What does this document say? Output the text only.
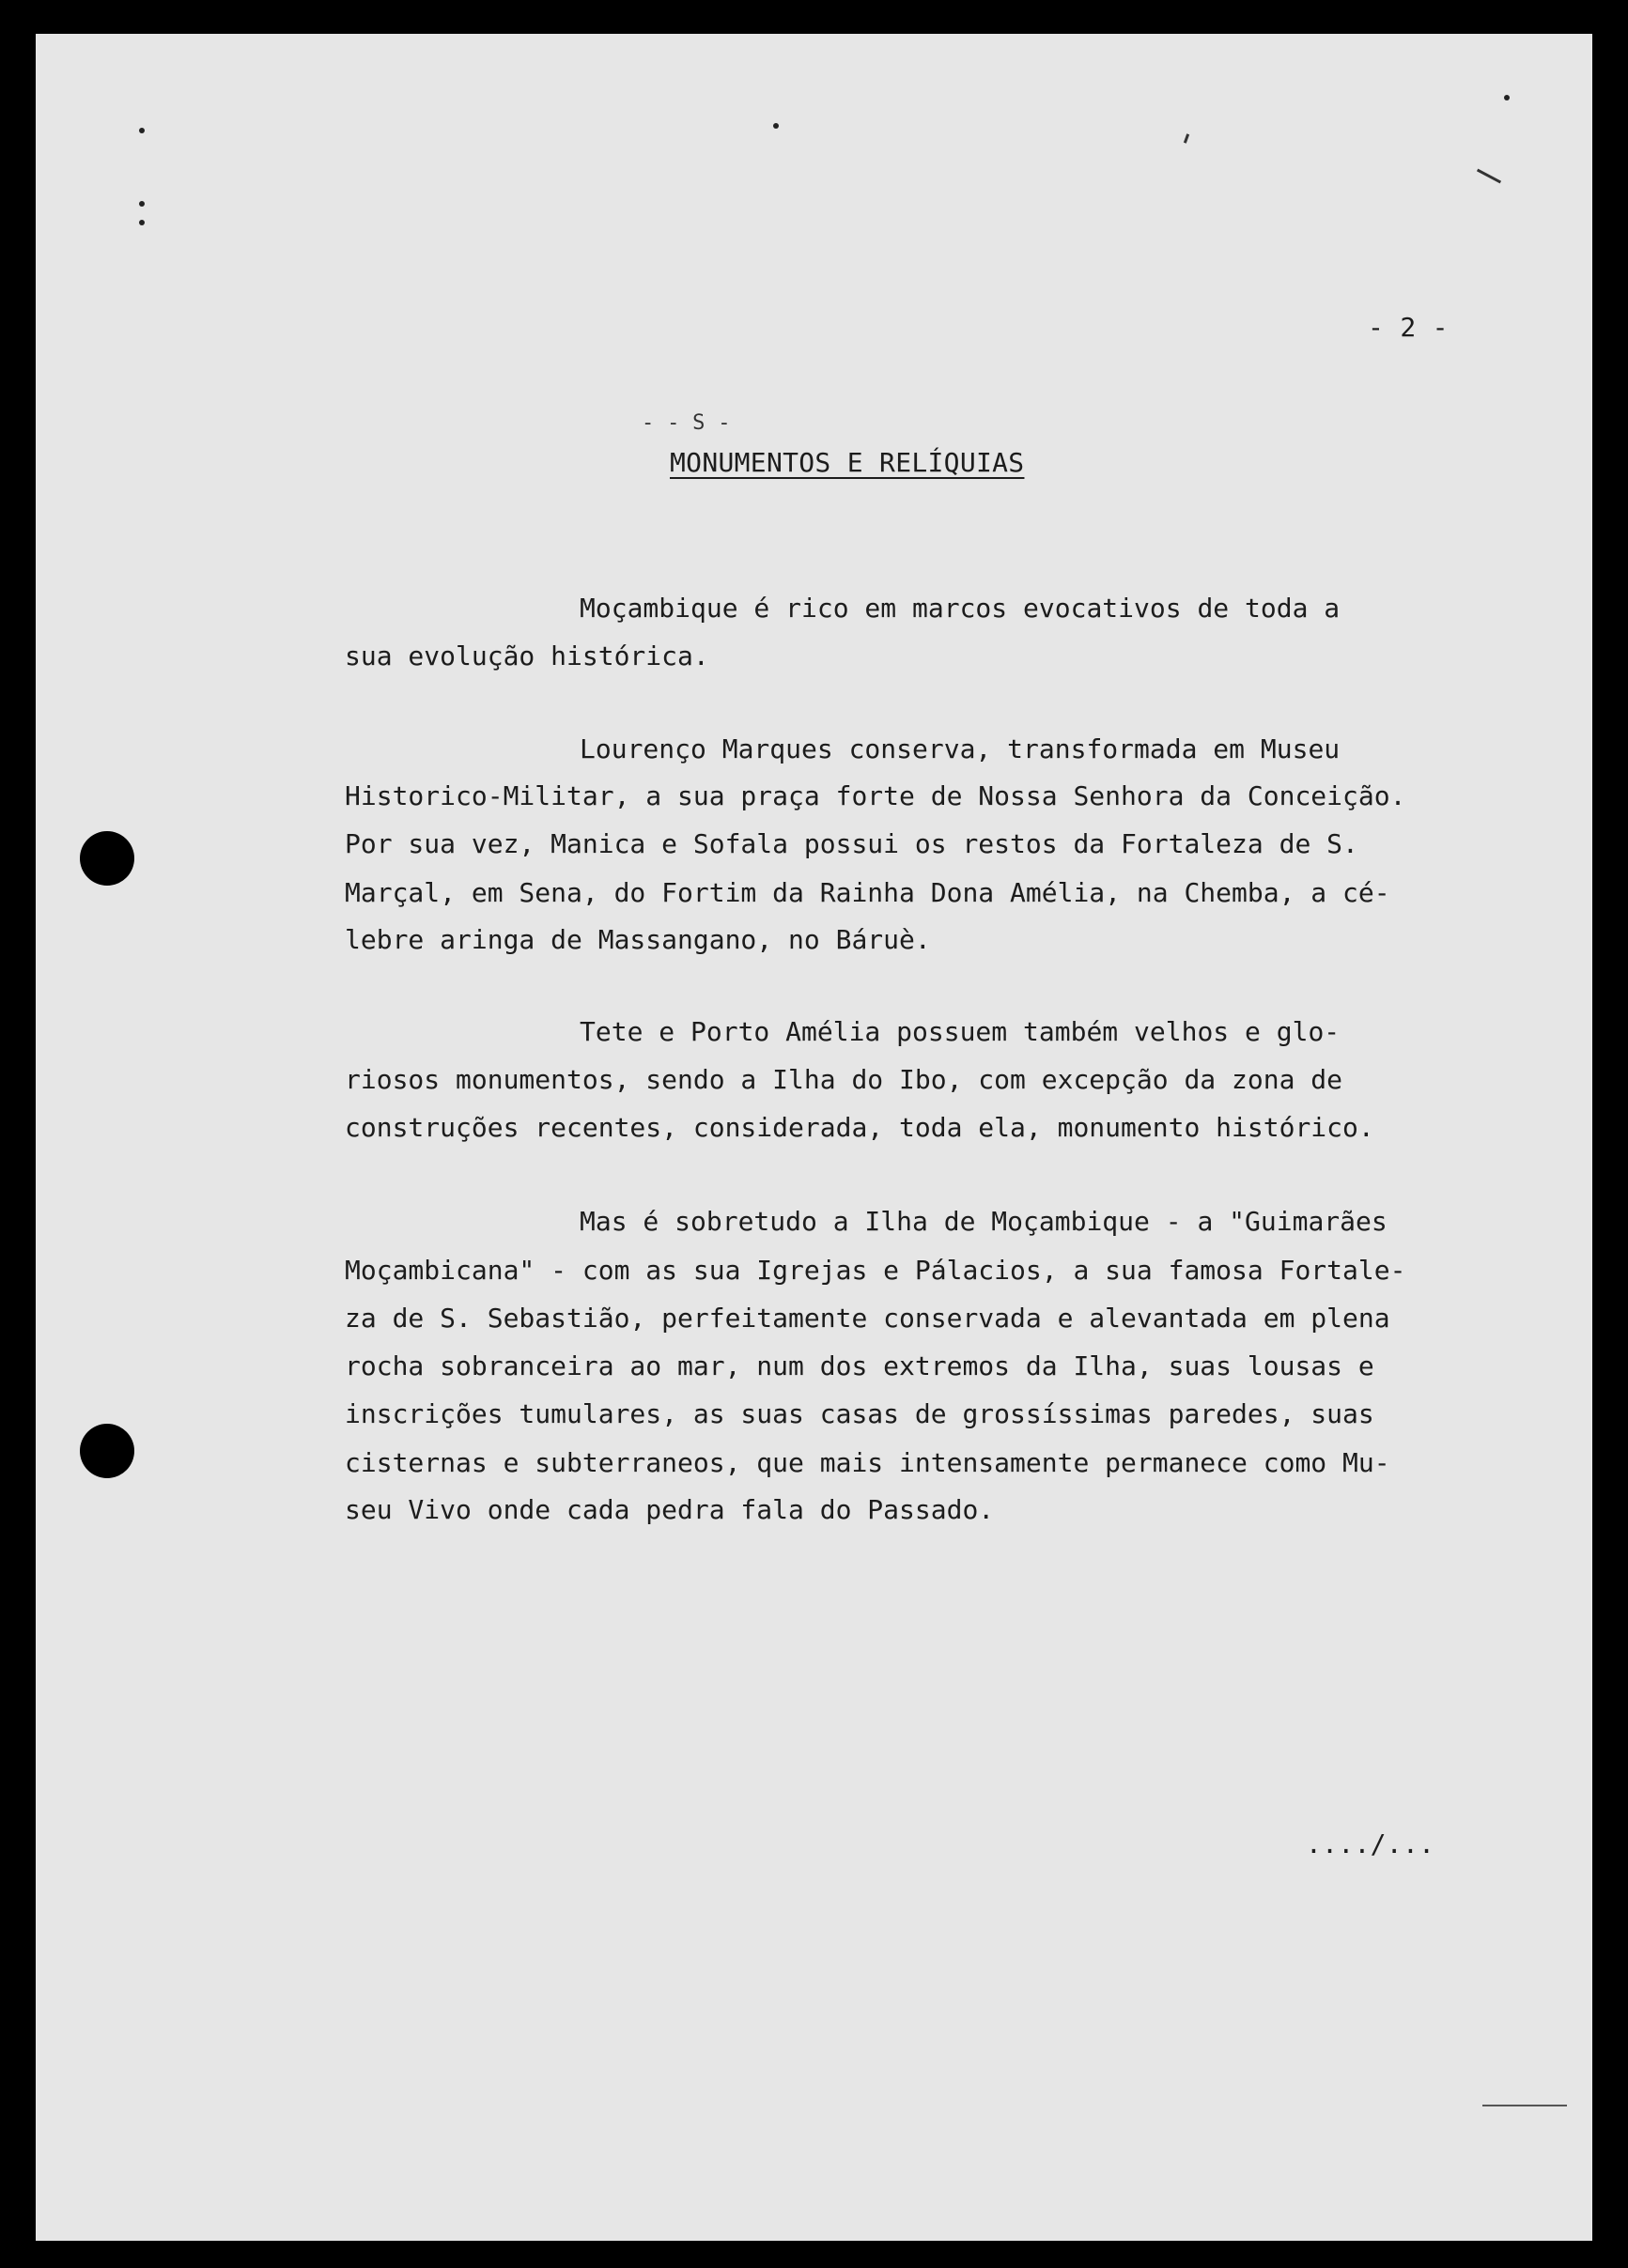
- 2 -
- - S -
MONUMENTOS E RELÍQUIAS
Moçambique é rico em marcos evocativos de toda a
sua evolução histórica.
Lourenço Marques conserva, transformada em Museu
Historico-Militar, a sua praça forte de Nossa Senhora da Conceição.
Por sua vez, Manica e Sofala possui os restos da Fortaleza de S.
Marçal, em Sena, do Fortim da Rainha Dona Amélia, na Chemba, a cé-
lebre aringa de Massangano, no Báruè.
Tete e Porto Amélia possuem também velhos e glo-
riosos monumentos, sendo a Ilha do Ibo, com excepção da zona de
construções recentes, considerada, toda ela, monumento histórico.
Mas é sobretudo a Ilha de Moçambique - a "Guimarães
Moçambicana" - com as sua Igrejas e Pálacios, a sua famosa Fortale-
za de S. Sebastião, perfeitamente conservada e alevantada em plena
rocha sobranceira ao mar, num dos extremos da Ilha, suas lousas e
inscrições tumulares, as suas casas de grossíssimas paredes, suas
cisternas e subterraneos, que mais intensamente permanece como Mu-
seu Vivo onde cada pedra fala do Passado.
..../...
